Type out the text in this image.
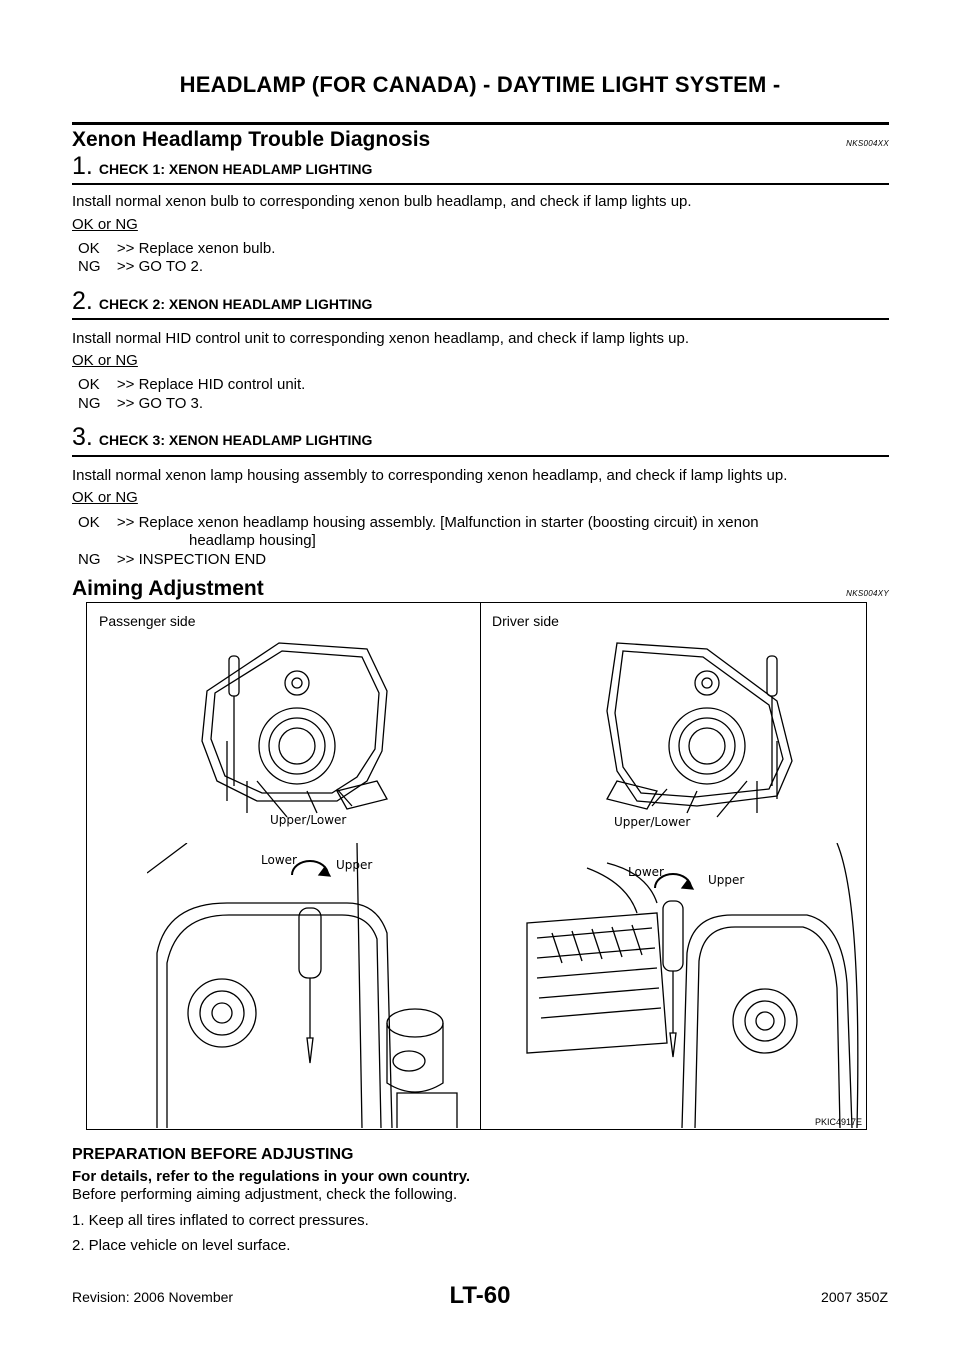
HEADLAMP (FOR CANADA) - DAYTIME LIGHT SYSTEM -
Xenon Headlamp Trouble Diagnosis	NKS004XX
1. CHECK 1: XENON HEADLAMP LIGHTING
Install normal xenon bulb to corresponding xenon bulb headlamp, and check if lamp lights up.
OK or NG
OK	>> Replace xenon bulb.
NG	>> GO TO 2.
2. CHECK 2: XENON HEADLAMP LIGHTING
Install normal HID control unit to corresponding xenon headlamp, and check if lamp lights up.
OK or NG
OK	>> Replace HID control unit.
NG	>> GO TO 3.
3. CHECK 3: XENON HEADLAMP LIGHTING
Install normal xenon lamp housing assembly to corresponding xenon headlamp, and check if lamp lights up.
OK or NG
OK	>> Replace xenon headlamp housing assembly. [Malfunction in starter (boosting circuit) in xenon
headlamp housing]
NG	>> INSPECTION END
Aiming Adjustment	NKS004XY
Passenger side	Driver side
Upper/Lower	Upper/Lower
Lower	Upper	Lower
Upper
PKIC4917E
PREPARATION BEFORE ADJUSTING
For details, refer to the regulations in your own country.
Before performing aiming adjustment, check the following.
1. Keep all tires inflated to correct pressures.
2. Place vehicle on level surface.
LT-60
Revision: 2006 November	2007 350Z
